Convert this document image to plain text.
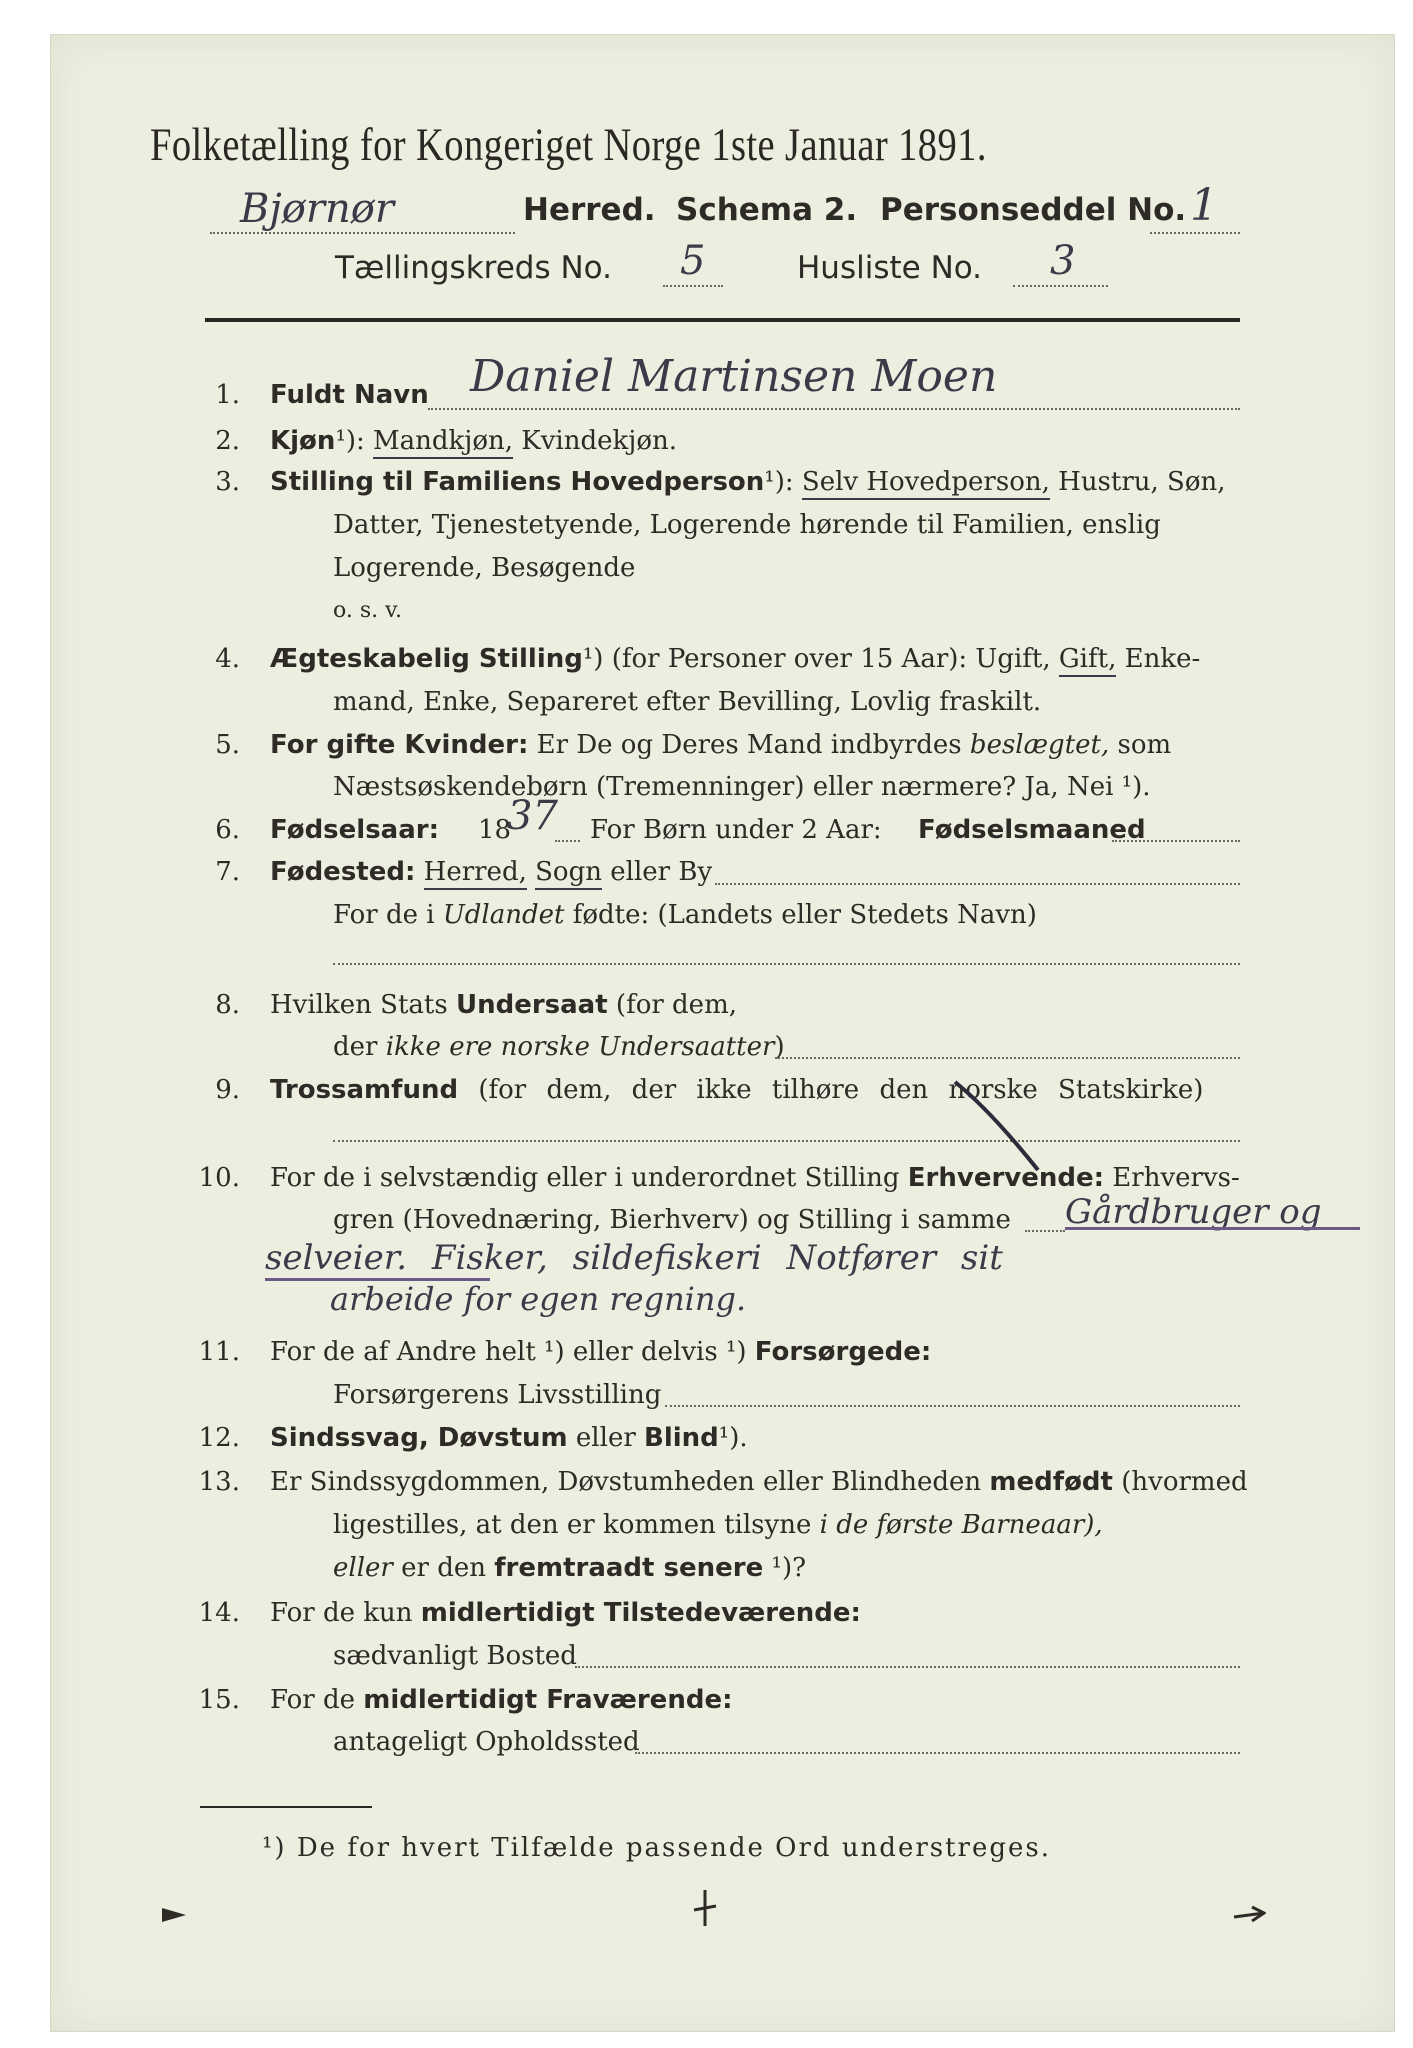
Folketælling for Kongeriget Norge 1ste Januar 1891.
Bjørnør	Herred. Schema 2. Personseddel No. 1
Tællingskreds No. 5	Husliste No. 3
1. Fuldt Navn Daniel Martinsen Moen
2. Kjøn¹): Mandkjøn, Kvindekjøn.
3. Stilling til Familiens Hovedperson¹): Selv Hovedperson, Hustru, Søn,
Datter, Tjenestetyende, Logerende hørende til Familien, enslig
Logerende, Besøgende
o. s. v.
4. Ægteskabelig Stilling¹) (for Personer over 15 Aar): Ugift, Gift, Enke-
mand, Enke, Separeret efter Bevilling, Lovlig fraskilt.
5. For gifte Kvinder: Er De og Deres Mand indbyrdes beslægtet, som
Næstsøskendebørn (Tremenninger) eller nærmere? Ja, Nei ¹).
6. Fødselsaar: 18
37 For Børn under 2 Aar: Fødselsmaaned
7. Fødested: Herred, Sogn eller By
For de i Udlandet fødte: (Landets eller Stedets Navn)
8. Hvilken Stats Undersaat (for dem,
der ikke ere norske Undersaatter)
9. Trossamfund (for dem, der ikke tilhøre den norske Statskirke)
10. For de i selvstændig eller i underordnet Stilling Erhvervende: Erhvervs-
gren (Hovednæring, Bierhverv) og Stilling i samme Gårdbruger og
selveier. Fisker, sildefiskeri Notfører sit
arbeide for egen regning.
11. For de af Andre helt ¹) eller delvis ¹) Forsørgede:
Forsørgerens Livsstilling
12. Sindssvag, Døvstum eller Blind¹).
13. Er Sindssygdommen, Døvstumheden eller Blindheden medfødt (hvormed
ligestilles, at den er kommen tilsyne i de første Barneaar),
eller er den fremtraadt senere ¹)?
14. For de kun midlertidigt Tilstedeværende:
sædvanligt Bosted
15. For de midlertidigt Fraværende:
antageligt Opholdssted
¹) De for hvert Tilfælde passende Ord understreges.
